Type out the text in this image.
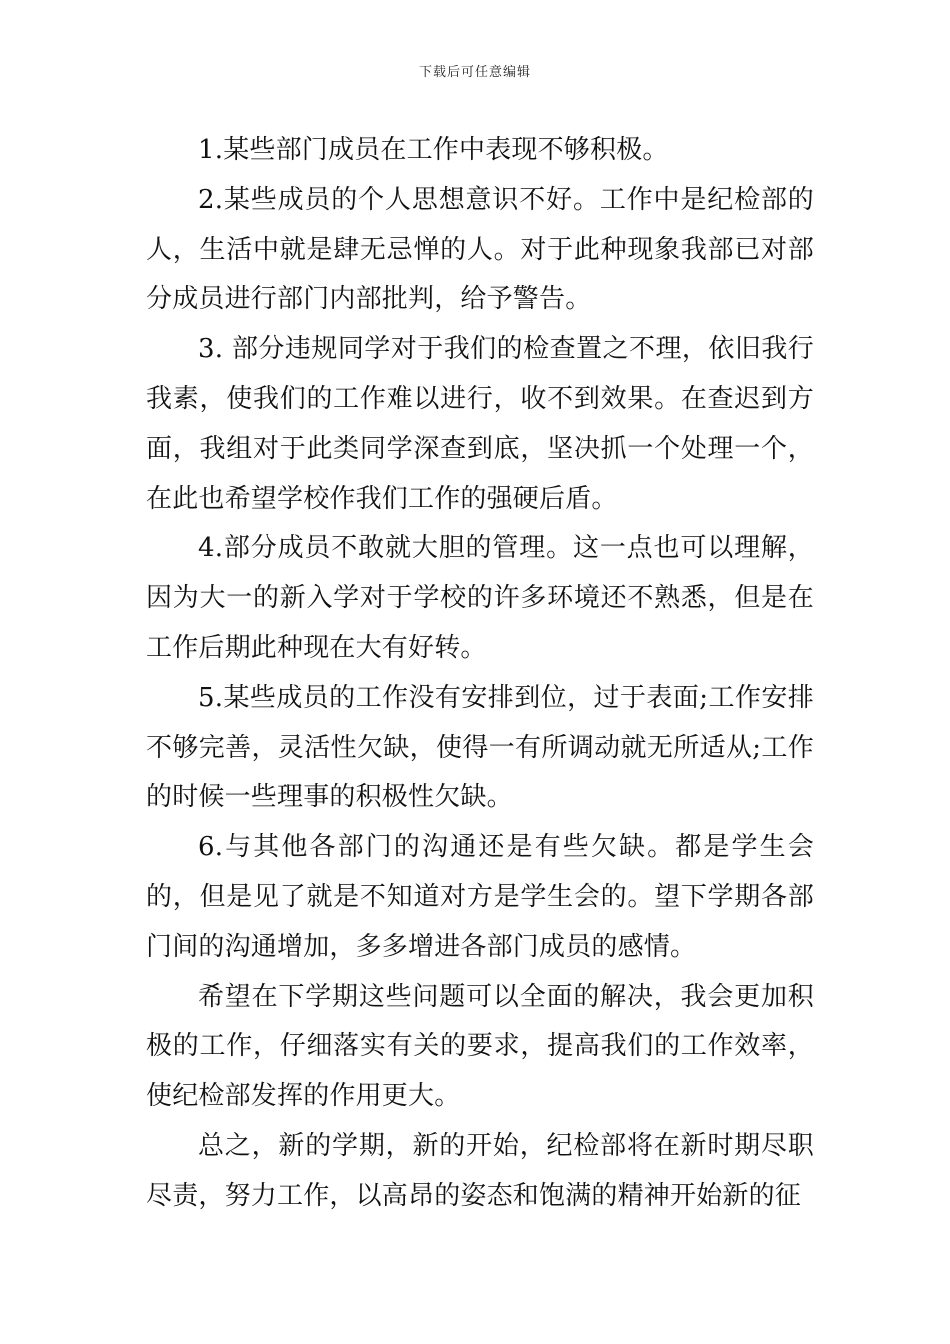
下载后可任意编辑

1.某些部门成员在工作中表现不够积极。

2.某些成员的个人思想意识不好。工作中是纪检部的人，生活中就是肆无忌惮的人。对于此种现象我部已对部分成员进行部门内部批判，给予警告。

3. 部分违规同学对于我们的检查置之不理，依旧我行我素，使我们的工作难以进行，收不到效果。在查迟到方面，我组对于此类同学深查到底，坚决抓一个处理一个，在此也希望学校作我们工作的强硬后盾。

4.部分成员不敢就大胆的管理。这一点也可以理解，因为大一的新入学对于学校的许多环境还不熟悉，但是在工作后期此种现在大有好转。

5.某些成员的工作没有安排到位，过于表面;工作安排不够完善，灵活性欠缺，使得一有所调动就无所适从;工作的时候一些理事的积极性欠缺。

6.与其他各部门的沟通还是有些欠缺。都是学生会的，但是见了就是不知道对方是学生会的。望下学期各部门间的沟通增加，多多增进各部门成员的感情。

希望在下学期这些问题可以全面的解决，我会更加积极的工作，仔细落实有关的要求，提高我们的工作效率，使纪检部发挥的作用更大。

总之，新的学期，新的开始，纪检部将在新时期尽职尽责，努力工作，以高昂的姿态和饱满的精神开始新的征
